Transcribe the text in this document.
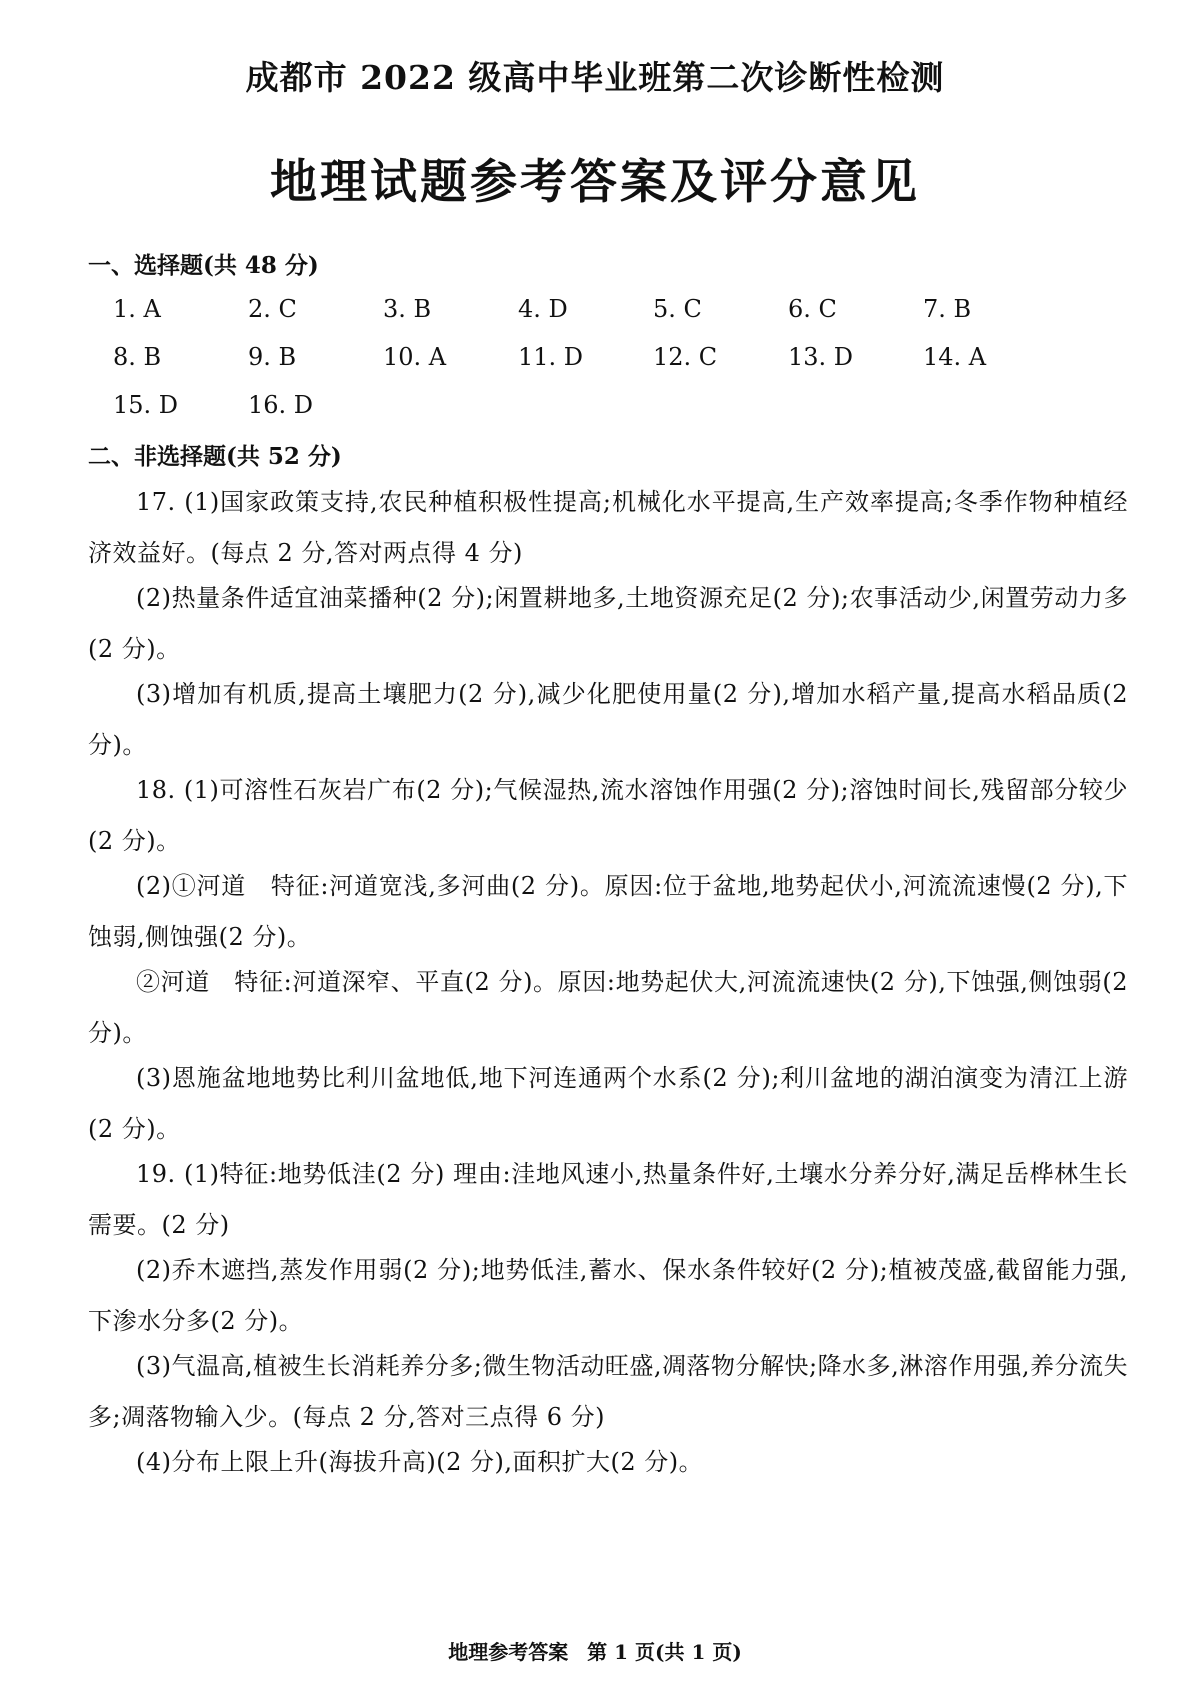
成都市 2022 级高中毕业班第二次诊断性检测
地理试题参考答案及评分意见
一、选择题(共 48 分)
1. A	2. C	3. B	4. D	5. C	6. C	7. B
8. B	9. B	10. A	11. D	12. C	13. D	14. A
15. D	16. D
二、非选择题(共 52 分)
17. (1)国家政策支持,农民种植积极性提高;机械化水平提高,生产效率提高;冬季作物种植经济效益好。(每点 2 分,答对两点得 4 分)
(2)热量条件适宜油菜播种(2 分);闲置耕地多,土地资源充足(2 分);农事活动少,闲置劳动力多(2 分)。
(3)增加有机质,提高土壤肥力(2 分),减少化肥使用量(2 分),增加水稻产量,提高水稻品质(2 分)。
18. (1)可溶性石灰岩广布(2 分);气候湿热,流水溶蚀作用强(2 分);溶蚀时间长,残留部分较少(2 分)。
(2)①河道　特征:河道宽浅,多河曲(2 分)。原因:位于盆地,地势起伏小,河流流速慢(2 分),下蚀弱,侧蚀强(2 分)。
②河道　特征:河道深窄、平直(2 分)。原因:地势起伏大,河流流速快(2 分),下蚀强,侧蚀弱(2 分)。
(3)恩施盆地地势比利川盆地低,地下河连通两个水系(2 分);利川盆地的湖泊演变为清江上游(2 分)。
19. (1)特征:地势低洼(2 分) 理由:洼地风速小,热量条件好,土壤水分养分好,满足岳桦林生长需要。(2 分)
(2)乔木遮挡,蒸发作用弱(2 分);地势低洼,蓄水、保水条件较好(2 分);植被茂盛,截留能力强,下渗水分多(2 分)。
(3)气温高,植被生长消耗养分多;微生物活动旺盛,凋落物分解快;降水多,淋溶作用强,养分流失多;凋落物输入少。(每点 2 分,答对三点得 6 分)
(4)分布上限上升(海拔升高)(2 分),面积扩大(2 分)。
地理参考答案 第 1 页(共 1 页)
